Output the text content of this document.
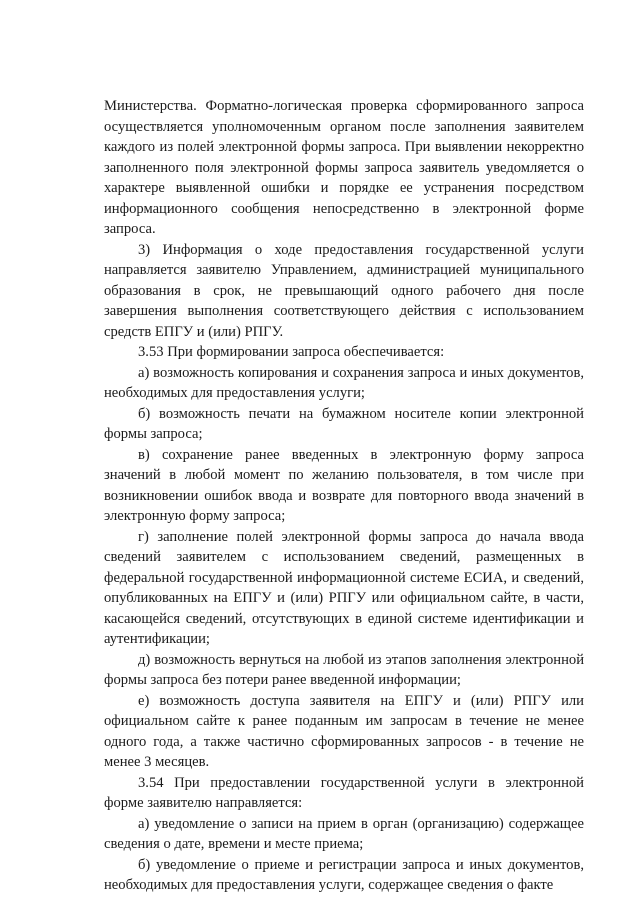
Министерства. Форматно-логическая проверка сформированного запроса осуществляется уполномоченным органом после заполнения заявителем каждого из полей электронной формы запроса. При выявлении некорректно заполненного поля электронной формы запроса заявитель уведомляется о характере выявленной ошибки и порядке ее устранения посредством информационного сообщения непосредственно в электронной форме запроса.

3) Информация о ходе предоставления государственной услуги направляется заявителю Управлением, администрацией муниципального образования в срок, не превышающий одного рабочего дня после завершения выполнения соответствующего действия с использованием средств ЕПГУ и (или) РПГУ.

3.53 При формировании запроса обеспечивается:

а) возможность копирования и сохранения запроса и иных документов, необходимых для предоставления услуги;

б) возможность печати на бумажном носителе копии электронной формы запроса;

в) сохранение ранее введенных в электронную форму запроса значений в любой момент по желанию пользователя, в том числе при возникновении ошибок ввода и возврате для повторного ввода значений в электронную форму запроса;

г) заполнение полей электронной формы запроса до начала ввода сведений заявителем с использованием сведений, размещенных в федеральной государственной информационной системе ЕСИА, и сведений, опубликованных на ЕПГУ и (или) РПГУ или официальном сайте, в части, касающейся сведений, отсутствующих в единой системе идентификации и аутентификации;

д) возможность вернуться на любой из этапов заполнения электронной формы запроса без потери ранее введенной информации;

е) возможность доступа заявителя на ЕПГУ и (или) РПГУ или официальном сайте к ранее поданным им запросам в течение не менее одного года, а также частично сформированных запросов - в течение не менее 3 месяцев.

3.54 При предоставлении государственной услуги в электронной форме заявителю направляется:

а) уведомление о записи на прием в орган (организацию) содержащее сведения о дате, времени и месте приема;

б) уведомление о приеме и регистрации запроса и иных документов, необходимых для предоставления услуги, содержащее сведения о факте
